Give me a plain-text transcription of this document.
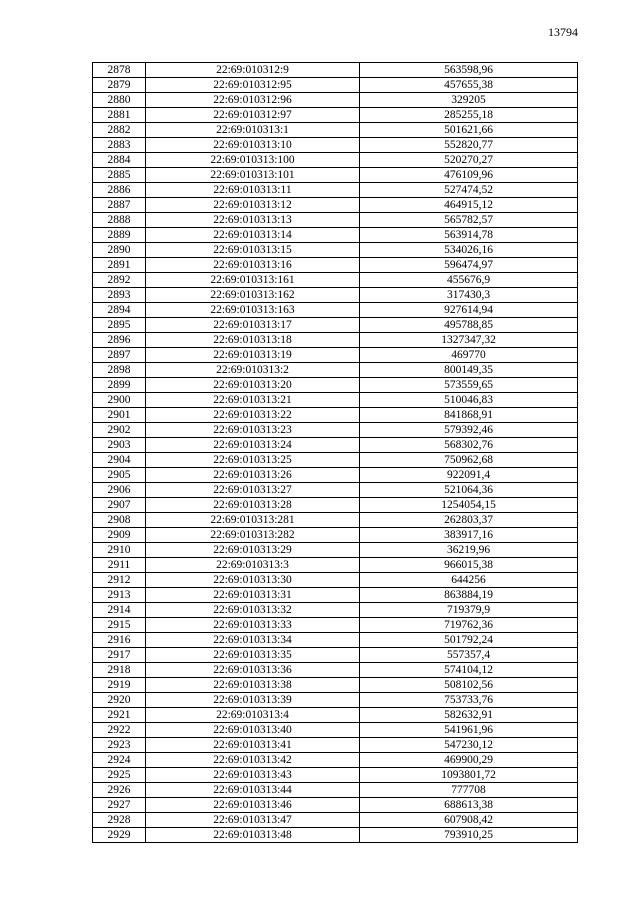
13794
2878	22:69:010312:9	563598,96
2879	22:69:010312:95	457655,38
2880	22:69:010312:96	329205
2881	22:69:010312:97	285255,18
2882	22:69:010313:1	501621,66
2883	22:69:010313:10	552820,77
2884	22:69:010313:100	520270,27
2885	22:69:010313:101	476109,96
2886	22:69:010313:11	527474,52
2887	22:69:010313:12	464915,12
2888	22:69:010313:13	565782,57
2889	22:69:010313:14	563914,78
2890	22:69:010313:15	534026,16
2891	22:69:010313:16	596474,97
2892	22:69:010313:161	455676,9
2893	22:69:010313:162	317430,3
2894	22:69:010313:163	927614,94
2895	22:69:010313:17	495788,85
2896	22:69:010313:18	1327347,32
2897	22:69:010313:19	469770
2898	22:69:010313:2	800149,35
2899	22:69:010313:20	573559,65
2900	22:69:010313:21	510046,83
2901	22:69:010313:22	841868,91
2902	22:69:010313:23	579392,46
2903	22:69:010313:24	568302,76
2904	22:69:010313:25	750962,68
2905	22:69:010313:26	922091,4
2906	22:69:010313:27	521064,36
2907	22:69:010313:28	1254054,15
2908	22:69:010313:281	262803,37
2909	22:69:010313:282	383917,16
2910	22:69:010313:29	36219,96
2911	22:69:010313:3	966015,38
2912	22:69:010313:30	644256
2913	22:69:010313:31	863884,19
2914	22:69:010313:32	719379,9
2915	22:69:010313:33	719762,36
2916	22:69:010313:34	501792,24
2917	22:69:010313:35	557357,4
2918	22:69:010313:36	574104,12
2919	22:69:010313:38	508102,56
2920	22:69:010313:39	753733,76
2921	22:69:010313:4	582632,91
2922	22:69:010313:40	541961,96
2923	22:69:010313:41	547230,12
2924	22:69:010313:42	469900,29
2925	22:69:010313:43	1093801,72
2926	22:69:010313:44	777708
2927	22:69:010313:46	688613,38
2928	22:69:010313:47	607908,42
2929	22:69:010313:48	793910,25
